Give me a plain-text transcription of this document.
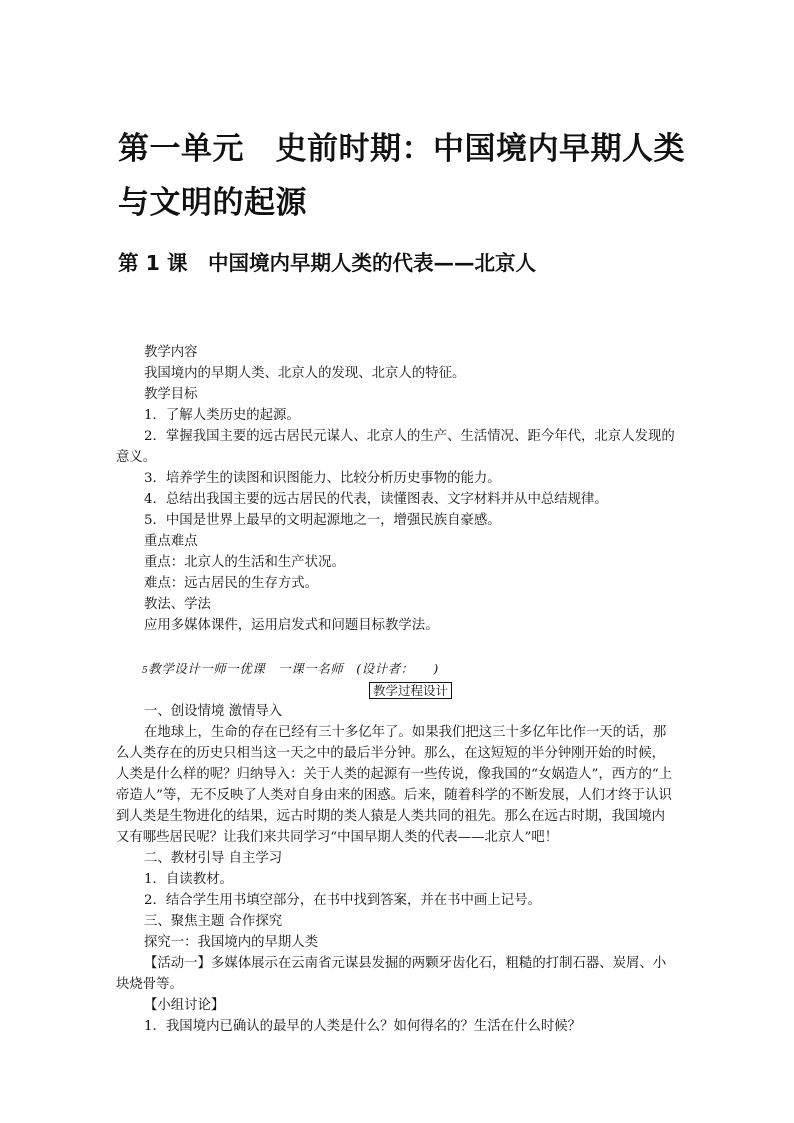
第一单元　史前时期：中国境内早期人类与文明的起源
第 1 课　中国境内早期人类的代表——北京人

教学内容

我国境内的早期人类、北京人的发现、北京人的特征。

教学目标

1．了解人类历史的起源。

2．掌握我国主要的远古居民元谋人、北京人的生产、生活情况、距今年代，北京人发现的意义。

3．培养学生的读图和识图能力、比较分析历史事物的能力。

4．总结出我国主要的远古居民的代表，读懂图表、文字材料并从中总结规律。

5．中国是世界上最早的文明起源地之一，增强民族自豪感。

重点难点

重点：北京人的生活和生产状况。

难点：远古居民的生存方式。

教法、学法

应用多媒体课件，运用启发式和问题目标教学法。

5教学设计一师一优课　一课一名师　(设计者：　　)

教学过程设计

一、创设情境 激情导入

在地球上，生命的存在已经有三十多亿年了。如果我们把这三十多亿年比作一天的话，那么人类存在的历史只相当这一天之中的最后半分钟。那么，在这短短的半分钟刚开始的时候，人类是什么样的呢？归纳导入：关于人类的起源有一些传说，像我国的“女娲造人”，西方的“上帝造人”等，无不反映了人类对自身由来的困惑。后来，随着科学的不断发展，人们才终于认识到人类是生物进化的结果，远古时期的类人猿是人类共同的祖先。那么在远古时期，我国境内又有哪些居民呢？让我们来共同学习“中国早期人类的代表——北京人”吧！

二、教材引导 自主学习

1．自读教材。

2．结合学生用书填空部分，在书中找到答案，并在书中画上记号。

三、聚焦主题 合作探究

探究一：我国境内的早期人类

【活动一】多媒体展示在云南省元谋县发掘的两颗牙齿化石，粗糙的打制石器、炭屑、小块烧骨等。

【小组讨论】

1．我国境内已确认的最早的人类是什么？如何得名的？生活在什么时候？
